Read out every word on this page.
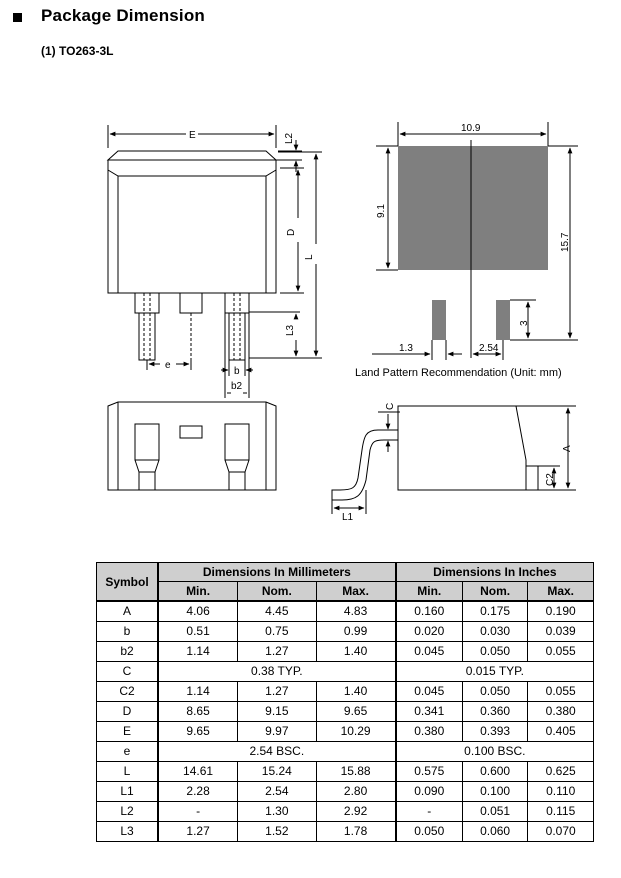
Package Dimension
(1) TO263-3L
E	L2
D
L
L3
e
b
b2
10.9
9.1
15.7
3
1.3	2.54
Land Pattern Recommendation (Unit: mm)
C
A
C2
L1
Symbol	Dimensions In Millimeters			Dimensions In Inches		
	Min.	Nom.	Max.	Min.	Nom.	Max.
A	4.06	4.45	4.83	0.160	0.175	0.190
b	0.51	0.75	0.99	0.020	0.030	0.039
b2	1.14	1.27	1.40	0.045	0.050	0.055
C	0.38 TYP.			0.015 TYP.		
C2	1.14	1.27	1.40	0.045	0.050	0.055
D	8.65	9.15	9.65	0.341	0.360	0.380
E	9.65	9.97	10.29	0.380	0.393	0.405
e	2.54 BSC.			0.100 BSC.		
L	14.61	15.24	15.88	0.575	0.600	0.625
L1	2.28	2.54	2.80	0.090	0.100	0.110
L2	-	1.30	2.92	-	0.051	0.115
L3	1.27	1.52	1.78	0.050	0.060	0.070
